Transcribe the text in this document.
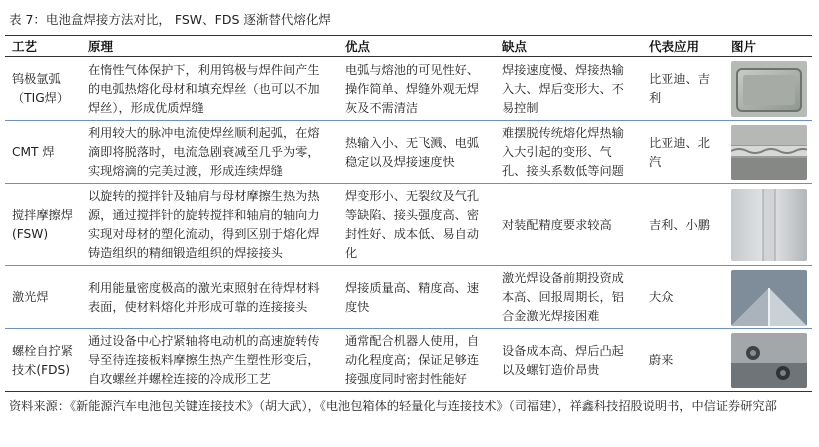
表 7：电池盒焊接方法对比， FSW、FDS 逐渐替代熔化焊
工艺	原理	优点	缺点	代表应用	图片
钨极氩弧（TIG焊）	在惰性气体保护下，利用钨极与焊件间产生的电弧热熔化母材和填充焊丝（也可以不加焊丝），形成优质焊缝	电弧与熔池的可见性好、操作简单、焊缝外观无焊灰及不需清洁	焊接速度慢、焊接热输入大、焊后变形大、不易控制	比亚迪、吉利	

CMT 焊	利用较大的脉冲电流使焊丝顺利起弧，在熔滴即将脱落时，电流急剧衰减至几乎为零，实现熔滴的完美过渡，形成连续焊缝	热输入小、无飞溅、电弧稳定以及焊接速度快	难摆脱传统熔化焊热输入大引起的变形、气孔、接头系数低等问题	比亚迪、北汽	

搅拌摩擦焊(FSW)	以旋转的搅拌针及轴肩与母材摩擦生热为热源，通过搅拌针的旋转搅拌和轴肩的轴向力实现对母材的塑化流动，得到区别于熔化焊铸造组织的精细锻造组织的焊接接头	焊变形小、无裂纹及气孔等缺陷、接头强度高、密封性好、成本低、易自动化	对装配精度要求较高	吉利、小鹏	

激光焊	利用能量密度极高的激光束照射在待焊材料表面，使材料熔化并形成可靠的连接接头	焊接质量高、精度高、速度快	激光焊设备前期投资成本高、回报周期长，铝合金激光焊接困难	大众	

螺栓自拧紧技术(FDS)	通过设备中心拧紧轴将电动机的高速旋转传导至待连接板料摩擦生热产生塑性形变后，自攻螺丝并螺栓连接的冷成形工艺	通常配合机器人使用，自动化程度高；保证足够连接强度同时密封性能好	设备成本高、焊后凸起以及螺钉造价昂贵	蔚来	
资料来源：《新能源汽车电池包关键连接技术》（胡大武），《电池包箱体的轻量化与连接技术》（司福建），祥鑫科技招股说明书，中信证券研究部
